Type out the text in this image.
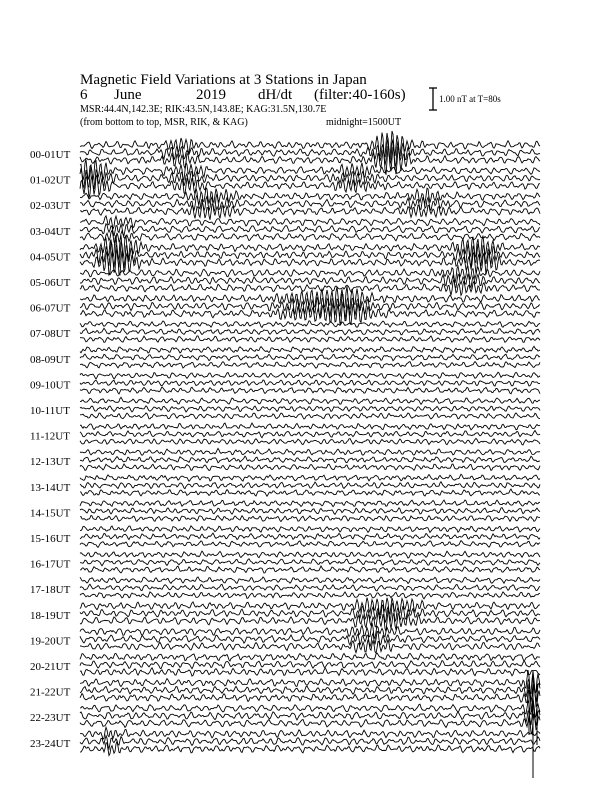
Magnetic Field Variations at 3 Stations in Japan
6 June	2019 dH/dt (filter:40-160s)
MSR:44.4N,142.3E; RIK:43.5N,143.8E; KAG:31.5N,130.7E
(from bottom to top, MSR, RIK, & KAG)	midnight=1500UT
1.00 nT at T=80s
00-01UT
01-02UT
02-03UT
03-04UT
04-05UT
05-06UT
06-07UT
07-08UT
08-09UT
09-10UT
10-11UT
11-12UT
12-13UT
13-14UT
14-15UT
15-16UT
16-17UT
17-18UT
18-19UT
19-20UT
20-21UT
21-22UT
22-23UT
23-24UT
